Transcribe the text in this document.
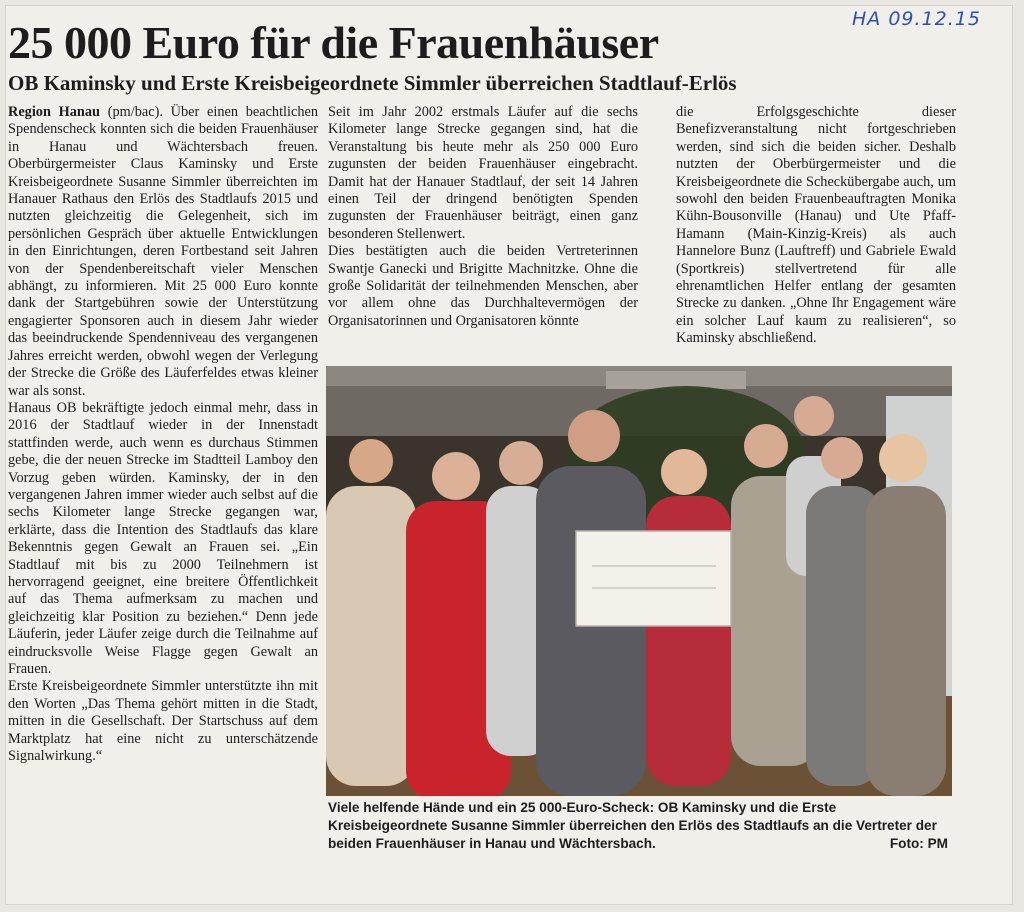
HA 09.12.15
25 000 Euro für die Frauenhäuser
OB Kaminsky und Erste Kreisbeigeordnete Simmler überreichen Stadtlauf-Erlös

Region Hanau (pm/bac). Über einen beachtlichen Spendenscheck konnten sich die beiden Frauenhäuser in Hanau und Wächtersbach freuen. Oberbürgermeister Claus Kaminsky und Erste Kreisbeigeordnete Susanne Simmler überreichten im Hanauer Rathaus den Erlös des Stadtlaufs 2015 und nutzten gleichzeitig die Gelegenheit, sich im persönlichen Gespräch über aktuelle Entwicklungen in den Einrichtungen, deren Fortbestand seit Jahren von der Spendenbereitschaft vieler Menschen abhängt, zu informieren. Mit 25 000 Euro konnte dank der Startgebühren sowie der Unterstützung engagierter Sponsoren auch in diesem Jahr wieder das beeindruckende Spendenniveau des vergangenen Jahres erreicht werden, obwohl wegen der Verlegung der Strecke die Größe des Läuferfeldes etwas kleiner war als sonst.
Hanaus OB bekräftigte jedoch einmal mehr, dass in 2016 der Stadtlauf wieder in der Innenstadt stattfinden werde, auch wenn es durchaus Stimmen gebe, die der neuen Strecke im Stadtteil Lamboy den Vorzug geben würden. Kaminsky, der in den vergangenen Jahren immer wieder auch selbst auf die sechs Kilometer lange Strecke gegangen war, erklärte, dass die Intention des Stadtlaufs das klare Bekenntnis gegen Gewalt an Frauen sei. „Ein Stadtlauf mit bis zu 2000 Teilnehmern ist hervorragend geeignet, eine breitere Öffentlichkeit auf das Thema aufmerksam zu machen und gleichzeitig klar Position zu beziehen.“ Denn jede Läuferin, jeder Läufer zeige durch die Teilnahme auf eindrucksvolle Weise Flagge gegen Gewalt an Frauen.
Erste Kreisbeigeordnete Simmler unterstützte ihn mit den Worten „Das Thema gehört mitten in die Stadt, mitten in die Gesellschaft. Der Startschuss auf dem Marktplatz hat eine nicht zu unterschätzende Signalwirkung.“

Seit im Jahr 2002 erstmals Läufer auf die sechs Kilometer lange Strecke gegangen sind, hat die Veranstaltung bis heute mehr als 250 000 Euro zugunsten der beiden Frauenhäuser eingebracht. Damit hat der Hanauer Stadtlauf, der seit 14 Jahren einen Teil der dringend benötigten Spenden zugunsten der Frauenhäuser beiträgt, einen ganz besonderen Stellenwert.
Dies bestätigten auch die beiden Vertreterinnen Swantje Ganecki und Brigitte Machnitzke. Ohne die große Solidarität der teilnehmenden Menschen, aber vor allem ohne das Durchhaltevermögen der Organisatorinnen und Organisatoren könnte

die Erfolgsgeschichte dieser Benefizveranstaltung nicht fortgeschrieben werden, sind sich die beiden sicher. Deshalb nutzten der Oberbürgermeister und die Kreisbeigeordnete die Scheckübergabe auch, um sowohl den beiden Frauenbeauftragten Monika Kühn-Bousonville (Hanau) und Ute Pfaff-Hamann (Main-Kinzig-Kreis) als auch Hannelore Bunz (Lauftreff) und Gabriele Ewald (Sportkreis) stellvertretend für alle ehrenamtlichen Helfer entlang der gesamten Strecke zu danken. „Ohne Ihr Engagement wäre ein solcher Lauf kaum zu realisieren“, so Kaminsky abschließend.

Viele helfende Hände und ein 25 000-Euro-Scheck: OB Kaminsky und die Erste Kreisbeigeordnete Susanne Simmler überreichen den Erlös des Stadtlaufs an die Vertreter der beiden Frauenhäuser in Hanau und Wächtersbach.	Foto: PM
